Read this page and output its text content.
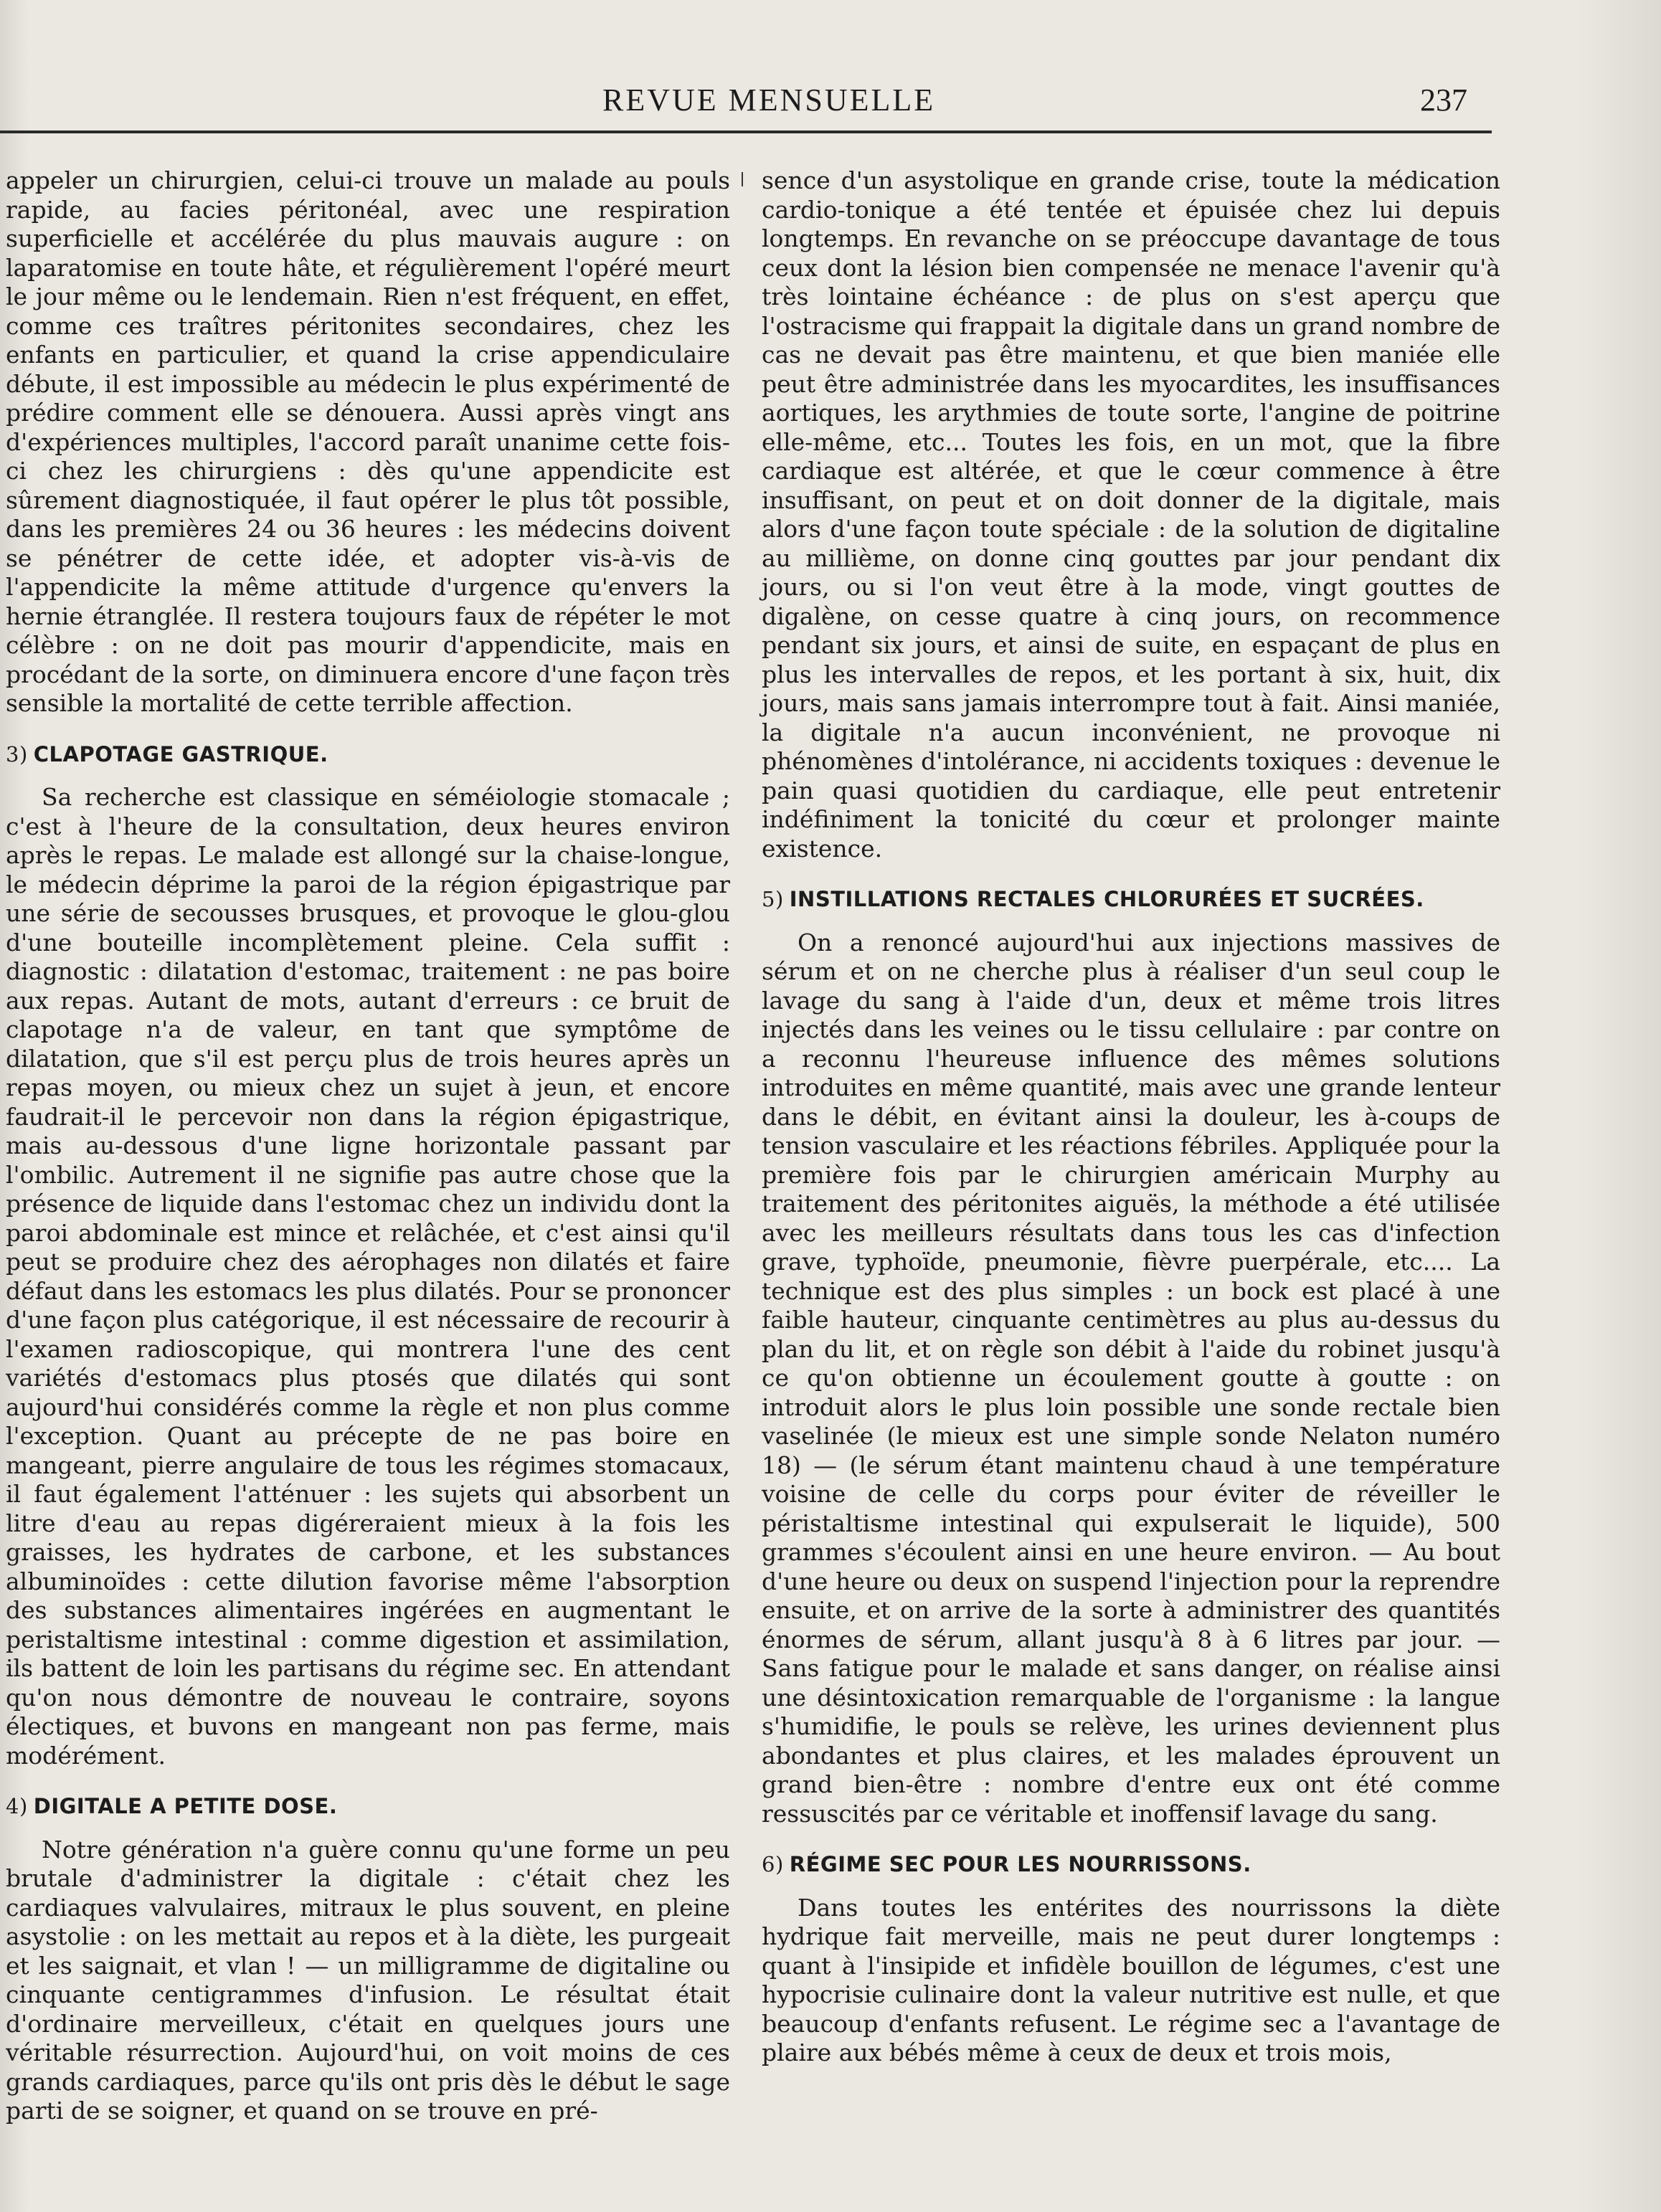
REVUE MENSUELLE	237

appeler un chirurgien, celui-ci trouve un malade au pouls rapide, au facies péritonéal, avec une respiration superficielle et accélérée du plus mauvais augure : on laparatomise en toute hâte, et régulièrement l'opéré meurt le jour même ou le lendemain. Rien n'est fréquent, en effet, comme ces traîtres péritonites secondaires, chez les enfants en particulier, et quand la crise appendiculaire débute, il est impossible au médecin le plus expérimenté de prédire comment elle se dénouera. Aussi après vingt ans d'expériences multiples, l'accord paraît unanime cette fois-ci chez les chirurgiens : dès qu'une appendicite est sûrement diagnostiquée, il faut opérer le plus tôt possible, dans les premières 24 ou 36 heures : les médecins doivent se pénétrer de cette idée, et adopter vis-à-vis de l'appendicite la même attitude d'urgence qu'envers la hernie étranglée. Il restera toujours faux de répéter le mot célèbre : on ne doit pas mourir d'appendicite, mais en procédant de la sorte, on diminuera encore d'une façon très sensible la mortalité de cette terrible affection.

3) CLAPOTAGE GASTRIQUE.

Sa recherche est classique en séméiologie stomacale ; c'est à l'heure de la consultation, deux heures environ après le repas. Le malade est allongé sur la chaise-longue, le médecin déprime la paroi de la région épigastrique par une série de secousses brusques, et provoque le glou-glou d'une bouteille incomplètement pleine. Cela suffit : diagnostic : dilatation d'estomac, traitement : ne pas boire aux repas. Autant de mots, autant d'erreurs : ce bruit de clapotage n'a de valeur, en tant que symptôme de dilatation, que s'il est perçu plus de trois heures après un repas moyen, ou mieux chez un sujet à jeun, et encore faudrait-il le percevoir non dans la région épigastrique, mais au-dessous d'une ligne horizontale passant par l'ombilic. Autrement il ne signifie pas autre chose que la présence de liquide dans l'estomac chez un individu dont la paroi abdominale est mince et relâchée, et c'est ainsi qu'il peut se produire chez des aérophages non dilatés et faire défaut dans les estomacs les plus dilatés. Pour se prononcer d'une façon plus catégorique, il est nécessaire de recourir à l'examen radioscopique, qui montrera l'une des cent variétés d'estomacs plus ptosés que dilatés qui sont aujourd'hui considérés comme la règle et non plus comme l'exception. Quant au précepte de ne pas boire en mangeant, pierre angulaire de tous les régimes stomacaux, il faut également l'atténuer : les sujets qui absorbent un litre d'eau au repas digéreraient mieux à la fois les graisses, les hydrates de carbone, et les substances albuminoïdes : cette dilution favorise même l'absorption des substances alimentaires ingérées en augmentant le peristaltisme intestinal : comme digestion et assimilation, ils battent de loin les partisans du régime sec. En attendant qu'on nous démontre de nouveau le contraire, soyons électiques, et buvons en mangeant non pas ferme, mais modérément.

4) DIGITALE A PETITE DOSE.

Notre génération n'a guère connu qu'une forme un peu brutale d'administrer la digitale : c'était chez les cardiaques valvulaires, mitraux le plus souvent, en pleine asystolie : on les mettait au repos et à la diète, les purgeait et les saignait, et vlan ! — un milligramme de digitaline ou cinquante centigrammes d'infusion. Le résultat était d'ordinaire merveilleux, c'était en quelques jours une véritable résurrection. Aujourd'hui, on voit moins de ces grands cardiaques, parce qu'ils ont pris dès le début le sage parti de se soigner, et quand on se trouve en pré-

sence d'un asystolique en grande crise, toute la médication cardio-tonique a été tentée et épuisée chez lui depuis longtemps. En revanche on se préoccupe davantage de tous ceux dont la lésion bien compensée ne menace l'avenir qu'à très lointaine échéance : de plus on s'est aperçu que l'ostracisme qui frappait la digitale dans un grand nombre de cas ne devait pas être maintenu, et que bien maniée elle peut être administrée dans les myocardites, les insuffisances aortiques, les arythmies de toute sorte, l'angine de poitrine elle-même, etc... Toutes les fois, en un mot, que la fibre cardiaque est altérée, et que le cœur commence à être insuffisant, on peut et on doit donner de la digitale, mais alors d'une façon toute spéciale : de la solution de digitaline au millième, on donne cinq gouttes par jour pendant dix jours, ou si l'on veut être à la mode, vingt gouttes de digalène, on cesse quatre à cinq jours, on recommence pendant six jours, et ainsi de suite, en espaçant de plus en plus les intervalles de repos, et les portant à six, huit, dix jours, mais sans jamais interrompre tout à fait. Ainsi maniée, la digitale n'a aucun inconvénient, ne provoque ni phénomènes d'intolérance, ni accidents toxiques : devenue le pain quasi quotidien du cardiaque, elle peut entretenir indéfiniment la tonicité du cœur et prolonger mainte existence.

5) INSTILLATIONS RECTALES CHLORURÉES ET SUCRÉES.

On a renoncé aujourd'hui aux injections massives de sérum et on ne cherche plus à réaliser d'un seul coup le lavage du sang à l'aide d'un, deux et même trois litres injectés dans les veines ou le tissu cellulaire : par contre on a reconnu l'heureuse influence des mêmes solutions introduites en même quantité, mais avec une grande lenteur dans le débit, en évitant ainsi la douleur, les à-coups de tension vasculaire et les réactions fébriles. Appliquée pour la première fois par le chirurgien américain Murphy au traitement des péritonites aiguës, la méthode a été utilisée avec les meilleurs résultats dans tous les cas d'infection grave, typhoïde, pneumonie, fièvre puerpérale, etc.... La technique est des plus simples : un bock est placé à une faible hauteur, cinquante centimètres au plus au-dessus du plan du lit, et on règle son débit à l'aide du robinet jusqu'à ce qu'on obtienne un écoulement goutte à goutte : on introduit alors le plus loin possible une sonde rectale bien vaselinée (le mieux est une simple sonde Nelaton numéro 18) — (le sérum étant maintenu chaud à une température voisine de celle du corps pour éviter de réveiller le péristaltisme intestinal qui expulserait le liquide), 500 grammes s'écoulent ainsi en une heure environ. — Au bout d'une heure ou deux on suspend l'injection pour la reprendre ensuite, et on arrive de la sorte à administrer des quantités énormes de sérum, allant jusqu'à 8 à 6 litres par jour. — Sans fatigue pour le malade et sans danger, on réalise ainsi une désintoxication remarquable de l'organisme : la langue s'humidifie, le pouls se relève, les urines deviennent plus abondantes et plus claires, et les malades éprouvent un grand bien-être : nombre d'entre eux ont été comme ressuscités par ce véritable et inoffensif lavage du sang.

6) RÉGIME SEC POUR LES NOURRISSONS.

Dans toutes les entérites des nourrissons la diète hydrique fait merveille, mais ne peut durer longtemps : quant à l'insipide et infidèle bouillon de légumes, c'est une hypocrisie culinaire dont la valeur nutritive est nulle, et que beaucoup d'enfants refusent. Le régime sec a l'avantage de plaire aux bébés même à ceux de deux et trois mois,
